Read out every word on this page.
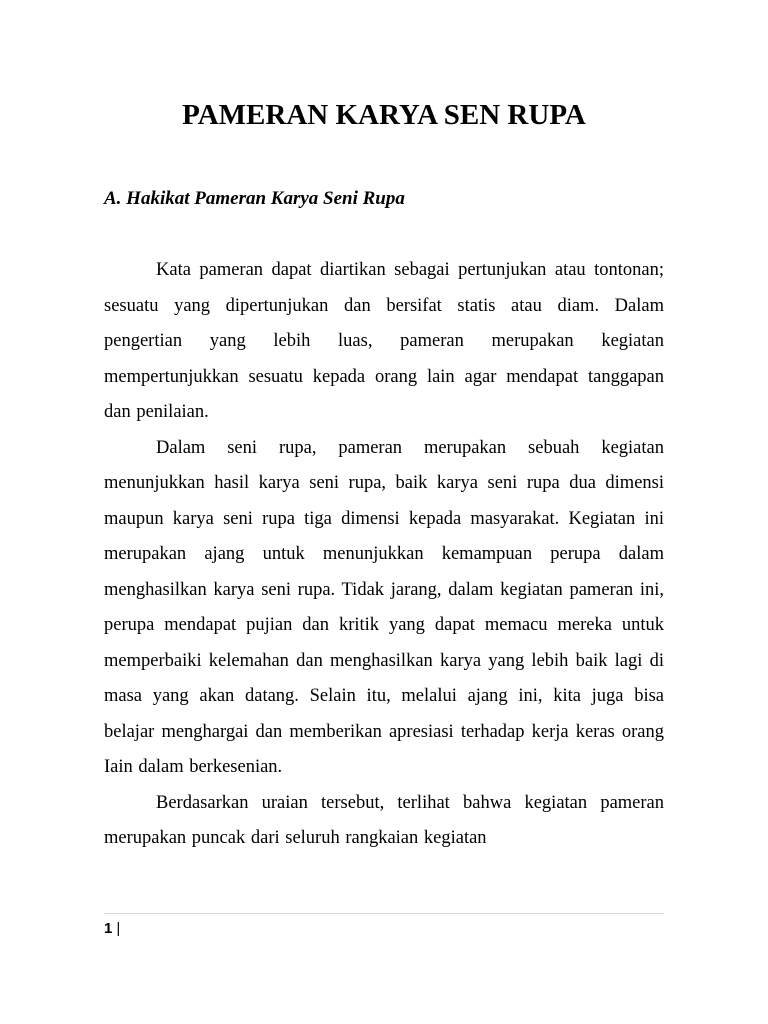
PAMERAN KARYA SEN RUPA
A. Hakikat Pameran Karya Seni Rupa

Kata pameran dapat diartikan sebagai pertunjukan atau tontonan; sesuatu yang dipertunjukan dan bersifat statis atau diam. Dalam pengertian yang lebih luas, pameran merupakan kegiatan mempertunjukkan sesuatu kepada orang lain agar mendapat tanggapan dan penilaian.

Dalam seni rupa, pameran merupakan sebuah kegiatan menunjukkan hasil karya seni rupa, baik karya seni rupa dua dimensi maupun karya seni rupa tiga dimensi kepada masyarakat. Kegiatan ini merupakan ajang untuk menunjukkan kemampuan perupa dalam menghasilkan karya seni rupa. Tidak jarang, dalam kegiatan pameran ini, perupa mendapat pujian dan kritik yang dapat memacu mereka untuk memperbaiki kelemahan dan menghasilkan karya yang lebih baik lagi di masa yang akan datang. Selain itu, melalui ajang ini, kita juga bisa belajar menghargai dan memberikan apresiasi terhadap kerja keras orang Iain dalam berkesenian.

Berdasarkan uraian tersebut, terlihat bahwa kegiatan pameran merupakan puncak dari seluruh rangkaian kegiatan

1 |
